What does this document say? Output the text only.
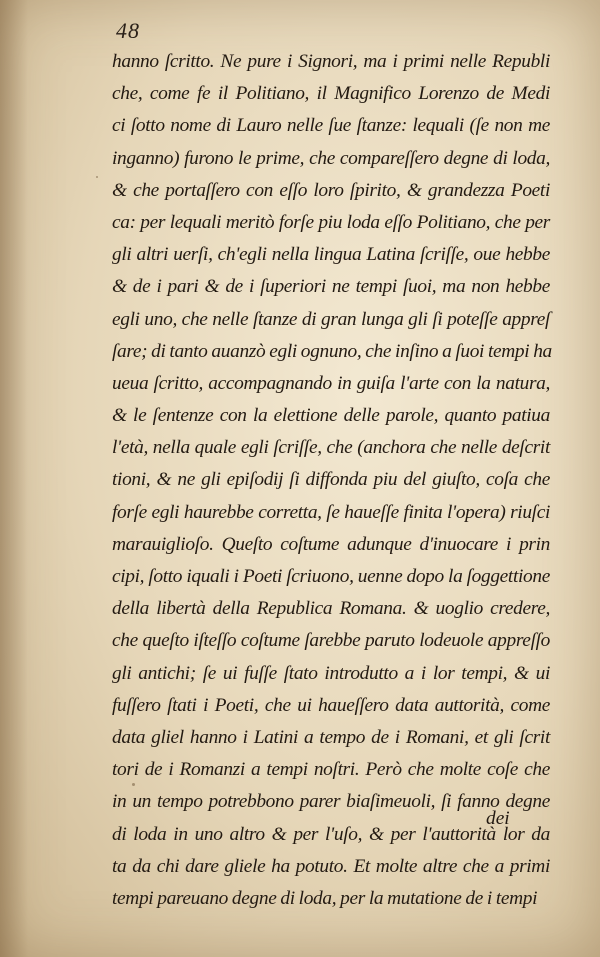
48
hanno ſcritto. Ne pure i Signori, ma i primi nelle Republi
che, come fe il Politiano, il Magnifico Lorenzo de Medi
ci ſotto nome di Lauro nelle ſue ſtanze: lequali (ſe non me
inganno) furono le prime, che compareſſero degne di loda,
& che portaſſero con eſſo loro ſpirito, & grandezza Poeti
ca: per lequali meritò forſe piu loda eſſo Politiano, che per
gli altri uerſi, ch'egli nella lingua Latina ſcriſſe, oue hebbe
& de i pari & de i ſuperiori ne tempi ſuoi, ma non hebbe
egli uno, che nelle ſtanze di gran lunga gli ſi poteſſe appreſ
ſare; di tanto auanzò egli ognuno, che inſino a ſuoi tempi ha
ueua ſcritto, accompagnando in guiſa l'arte con la natura,
& le ſentenze con la elettione delle parole, quanto patiua
l'età, nella quale egli ſcriſſe, che (anchora che nelle deſcrit
tioni, & ne gli epiſodij ſi diffonda piu del giuſto, coſa che
forſe egli haurebbe corretta, ſe haueſſe finita l'opera) riuſci
marauiglioſo. Queſto coſtume adunque d'inuocare i prin
cipi, ſotto iquali i Poeti ſcriuono, uenne dopo la ſoggettione
della libertà della Republica Romana. & uoglio credere,
che queſto iſteſſo coſtume ſarebbe paruto lodeuole appreſſo
gli antichi; ſe ui fuſſe ſtato introdutto a i lor tempi, & ui
fuſſero ſtati i Poeti, che ui haueſſero data auttorità, come
data gliel hanno i Latini a tempo de i Romani, et gli ſcrit
tori de i Romanzi a tempi noſtri. Però che molte coſe che
in un tempo potrebbono parer biaſimeuoli, ſi fanno degne
di loda in uno altro & per l'uſo, & per l'auttorità lor da
ta da chi dare gliele ha potuto. Et molte altre che a primi
tempi pareuano degne di loda, per la mutatione de i tempi
dei
